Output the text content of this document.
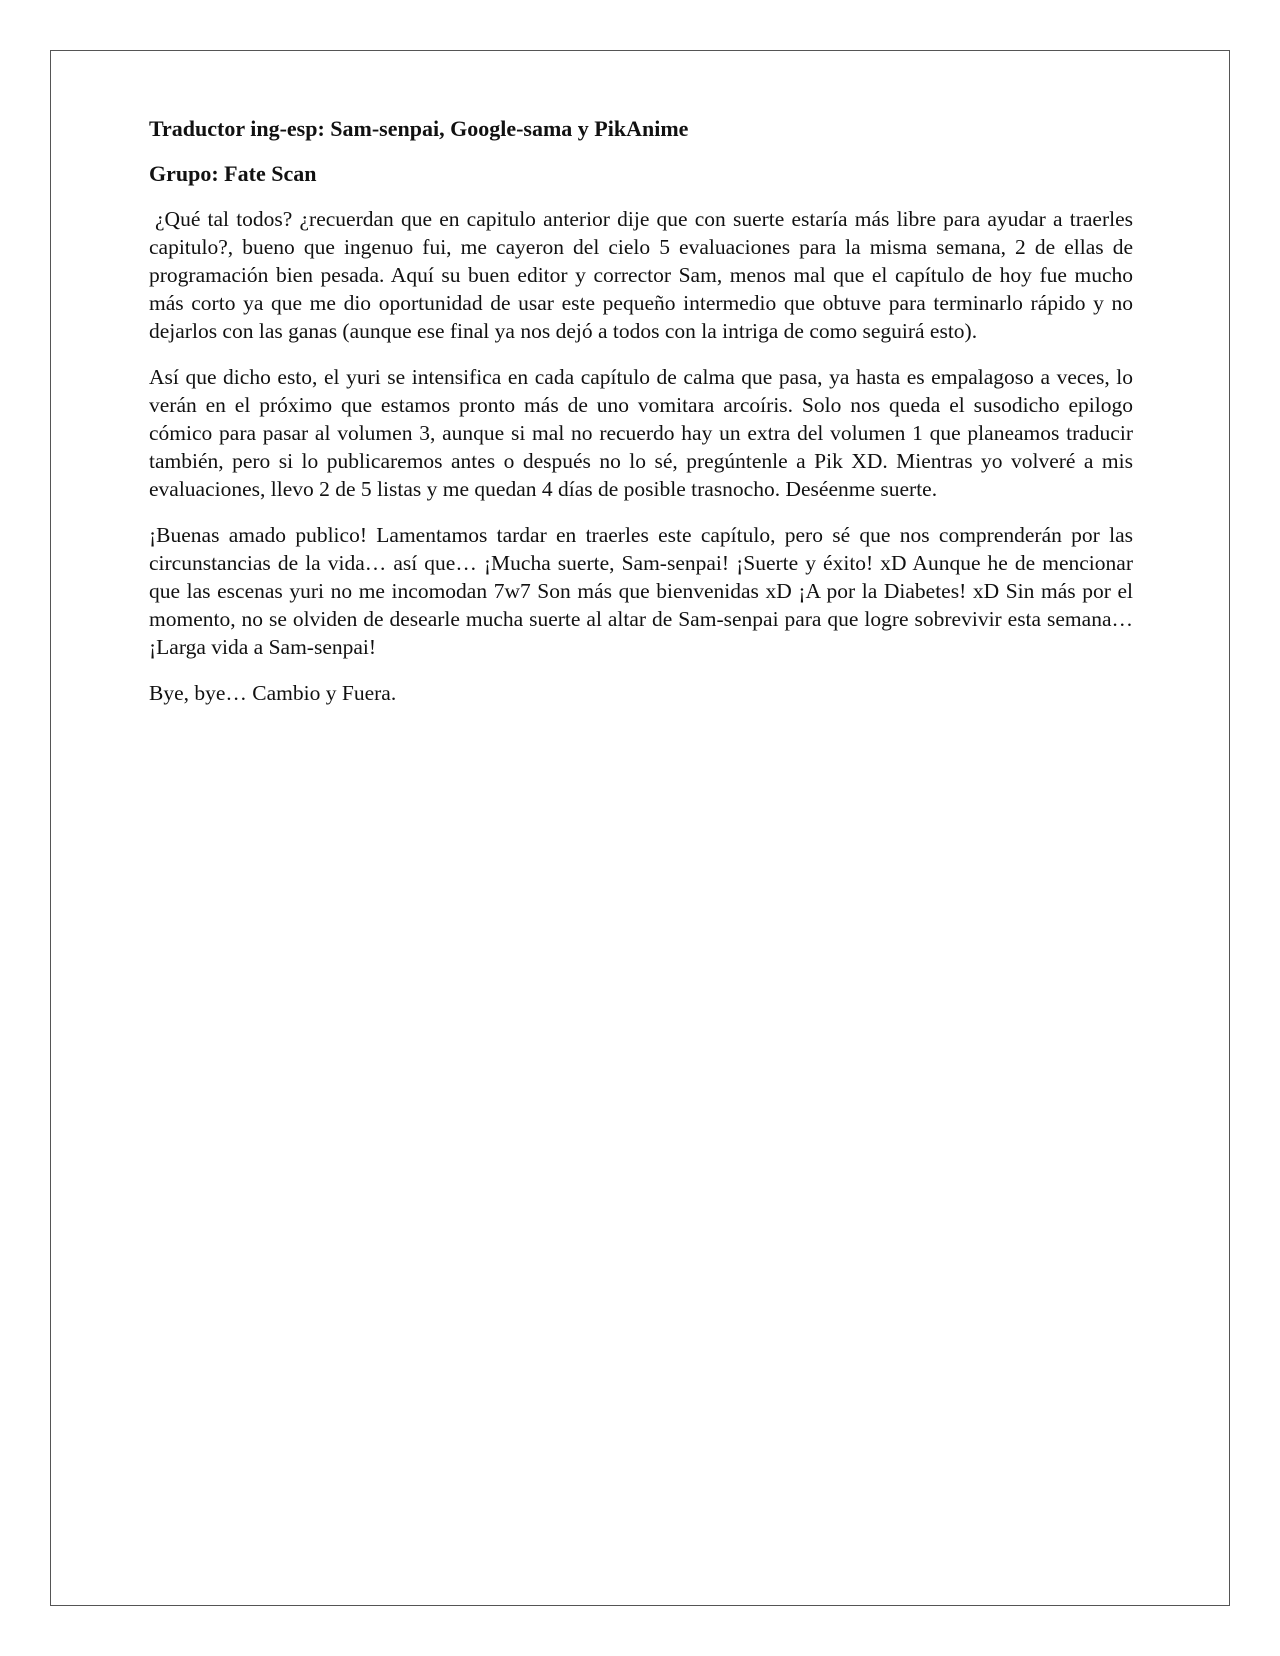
Traductor ing-esp: Sam-senpai, Google-sama y PikAnime

Grupo: Fate Scan

¿Qué tal todos? ¿recuerdan que en capitulo anterior dije que con suerte estaría más libre para ayudar a traerles capitulo?, bueno que ingenuo fui, me cayeron del cielo 5 evaluaciones para la misma semana, 2 de ellas de programación bien pesada. Aquí su buen editor y corrector Sam, menos mal que el capítulo de hoy fue mucho más corto ya que me dio oportunidad de usar este pequeño intermedio que obtuve para terminarlo rápido y no dejarlos con las ganas (aunque ese final ya nos dejó a todos con la intriga de como seguirá esto).

Así que dicho esto, el yuri se intensifica en cada capítulo de calma que pasa, ya hasta es empalagoso a veces, lo verán en el próximo que estamos pronto más de uno vomitara arcoíris. Solo nos queda el susodicho epilogo cómico para pasar al volumen 3, aunque si mal no recuerdo hay un extra del volumen 1 que planeamos traducir también, pero si lo publicaremos antes o después no lo sé, pregúntenle a Pik XD. Mientras yo volveré a mis evaluaciones, llevo 2 de 5 listas y me quedan 4 días de posible trasnocho. Deséenme suerte.

¡Buenas amado publico! Lamentamos tardar en traerles este capítulo, pero sé que nos comprenderán por las circunstancias de la vida… así que… ¡Mucha suerte, Sam-senpai! ¡Suerte y éxito! xD Aunque he de mencionar que las escenas yuri no me incomodan 7w7 Son más que bienvenidas xD ¡A por la Diabetes! xD Sin más por el momento, no se olviden de desearle mucha suerte al altar de Sam-senpai para que logre sobrevivir esta semana… ¡Larga vida a Sam-senpai!

Bye, bye… Cambio y Fuera.
